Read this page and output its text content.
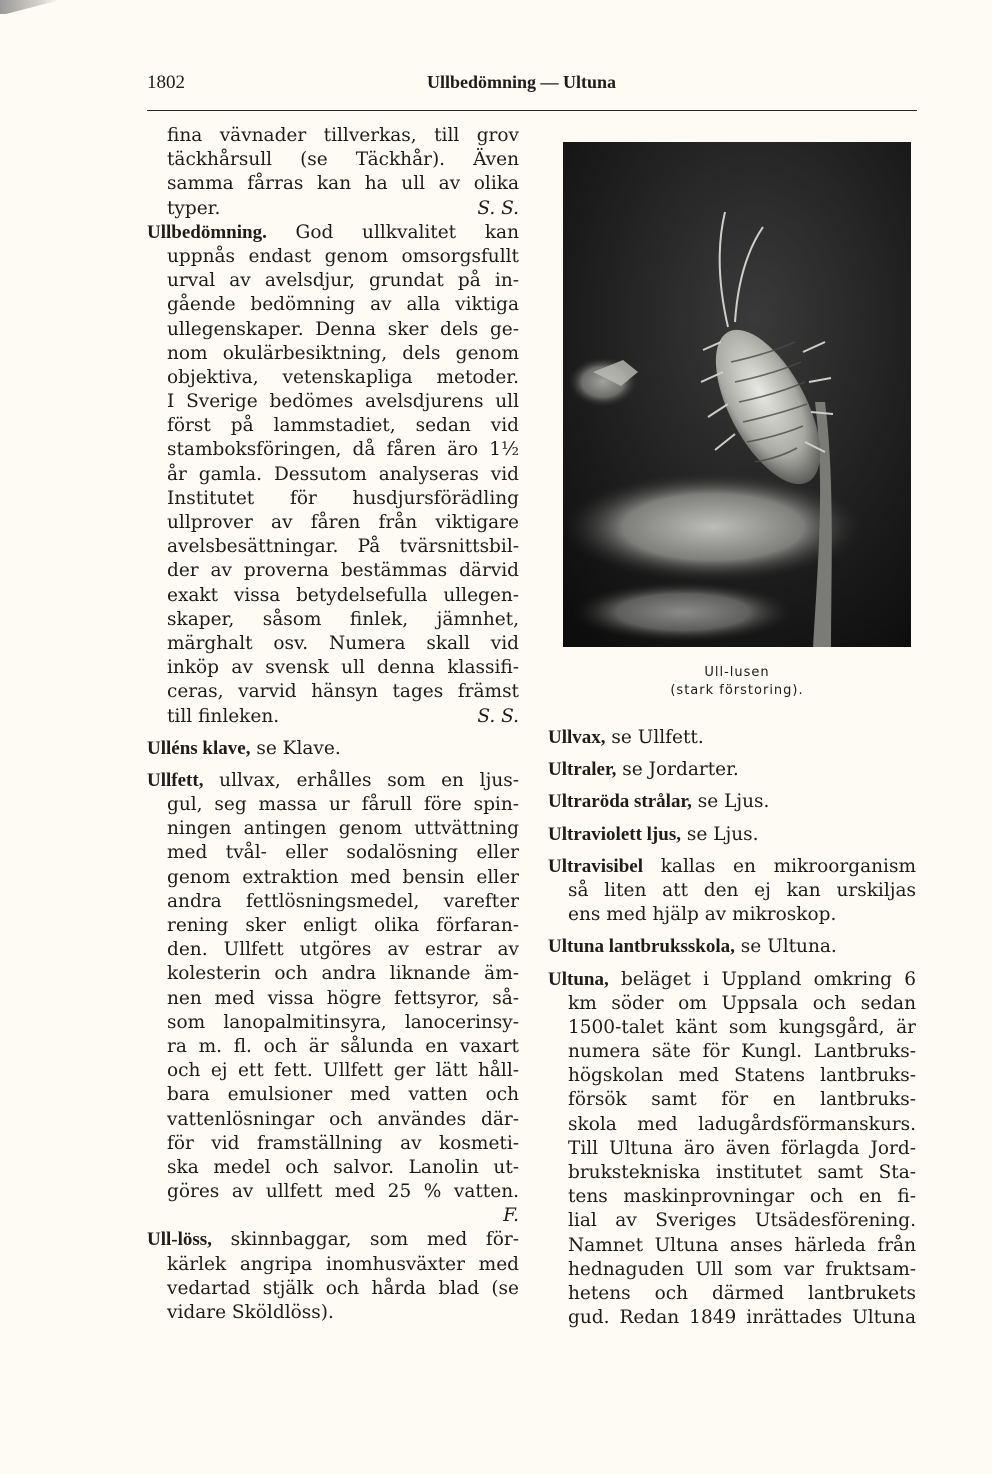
1802	Ullbedömning — Ultuna
fina vävnader tillverkas, till grov
täckhårsull (se Täckhår). Även
samma fårras kan ha ull av olika
typer.	S. S.
Ullbedömning. God ullkvalitet kan
uppnås endast genom omsorgsfullt
urval av avelsdjur, grundat på in-
gående bedömning av alla viktiga
ullegenskaper. Denna sker dels ge-
nom okulärbesiktning, dels genom
objektiva, vetenskapliga metoder.
I Sverige bedömes avelsdjurens ull
först på lammstadiet, sedan vid
stamboksföringen, då fåren äro 1½
år gamla. Dessutom analyseras vid
Institutet för husdjursförädling
ullprover av fåren från viktigare
avelsbesättningar. På tvärsnittsbil-
der av proverna bestämmas därvid
exakt vissa betydelsefulla ullegen-
skaper, såsom finlek, jämnhet,
märghalt osv. Numera skall vid
inköp av svensk ull denna klassifi-
ceras, varvid hänsyn tages främst
till finleken.	S. S.
Ulléns klave, se Klave.
Ullfett, ullvax, erhålles som en ljus-
gul, seg massa ur fårull före spin-
ningen antingen genom uttvättning
med tvål- eller sodalösning eller
genom extraktion med bensin eller
andra fettlösningsmedel, varefter
rening sker enligt olika förfaran-
den. Ullfett utgöres av estrar av
kolesterin och andra liknande äm-
nen med vissa högre fettsyror, så-
som lanopalmitinsyra, lanocerinsy-
ra m. fl. och är sålunda en vaxart
och ej ett fett. Ullfett ger lätt håll-
bara emulsioner med vatten och
vattenlösningar och användes där-
för vid framställning av kosmeti-
ska medel och salvor. Lanolin ut-
göres av ullfett med 25 % vatten.
F.
Ull-löss, skinnbaggar, som med för-
kärlek angripa inomhusväxter med
vedartad stjälk och hårda blad (se
vidare Sköldlöss).
Ull-lusen
(stark förstoring).
Ullvax, se Ullfett.
Ultraler, se Jordarter.
Ultraröda strålar, se Ljus.
Ultraviolett ljus, se Ljus.
Ultravisibel kallas en mikroorganism
så liten att den ej kan urskiljas
ens med hjälp av mikroskop.
Ultuna lantbruksskola, se Ultuna.
Ultuna, beläget i Uppland omkring 6
km söder om Uppsala och sedan
1500-talet känt som kungsgård, är
numera säte för Kungl. Lantbruks-
högskolan med Statens lantbruks-
försök samt för en lantbruks-
skola med ladugårdsförmanskurs.
Till Ultuna äro även förlagda Jord-
brukstekniska institutet samt Sta-
tens maskinprovningar och en fi-
lial av Sveriges Utsädesförening.
Namnet Ultuna anses härleda från
hednaguden Ull som var fruktsam-
hetens och därmed lantbrukets
gud. Redan 1849 inrättades Ultuna
